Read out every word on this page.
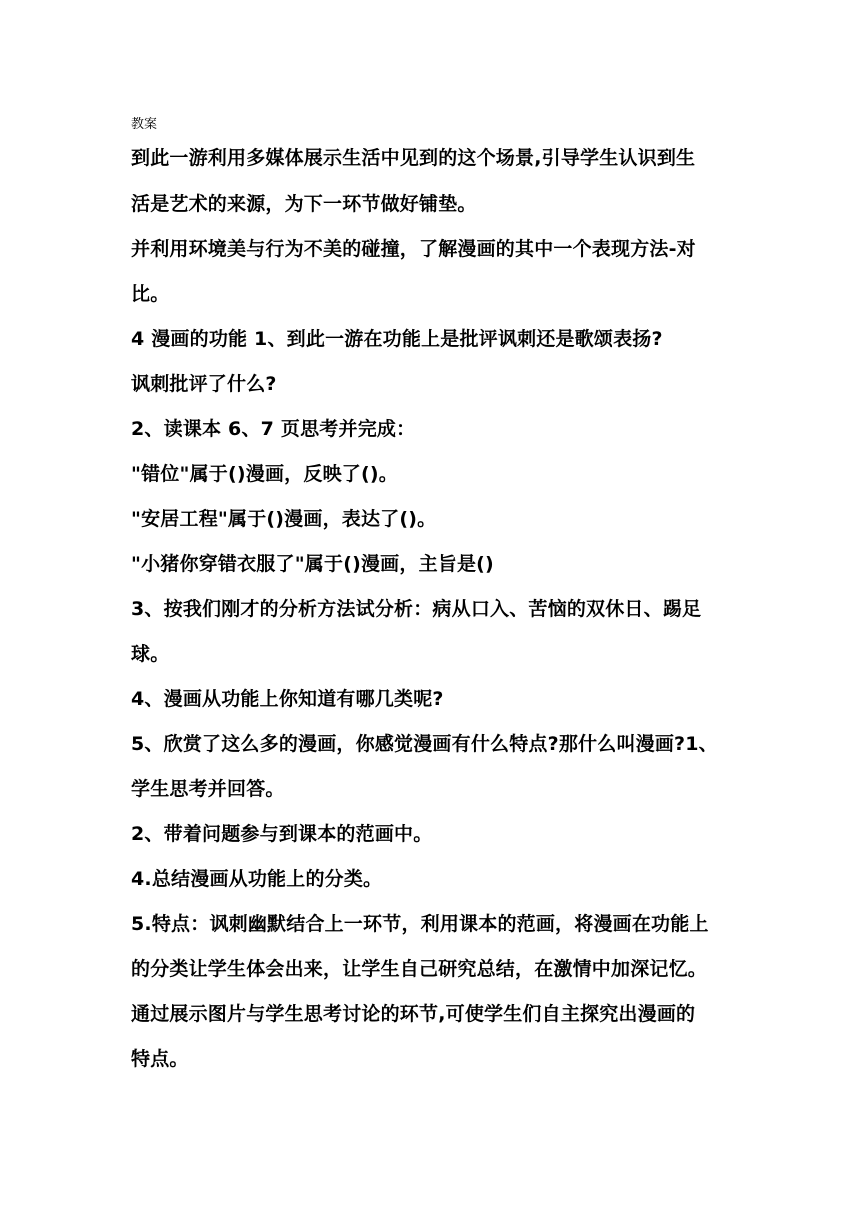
教案
到此一游利用多媒体展示生活中见到的这个场景,引导学生认识到生
活是艺术的来源，为下一环节做好铺垫。
并利用环境美与行为不美的碰撞，了解漫画的其中一个表现方法-对
比。
4 漫画的功能 1、到此一游在功能上是批评讽刺还是歌颂表扬?
讽刺批评了什么?
2、读课本 6、7 页思考并完成：
"错位"属于()漫画，反映了()。
"安居工程"属于()漫画，表达了()。
"小猪你穿错衣服了"属于()漫画，主旨是()
3、按我们刚才的分析方法试分析：病从口入、苦恼的双休日、踢足
球。
4、漫画从功能上你知道有哪几类呢?
5、欣赏了这么多的漫画，你感觉漫画有什么特点?那什么叫漫画?1、
学生思考并回答。
2、带着问题参与到课本的范画中。
4.总结漫画从功能上的分类。
5.特点：讽刺幽默结合上一环节，利用课本的范画，将漫画在功能上
的分类让学生体会出来，让学生自己研究总结，在激情中加深记忆。
通过展示图片与学生思考讨论的环节,可使学生们自主探究出漫画的
特点。
